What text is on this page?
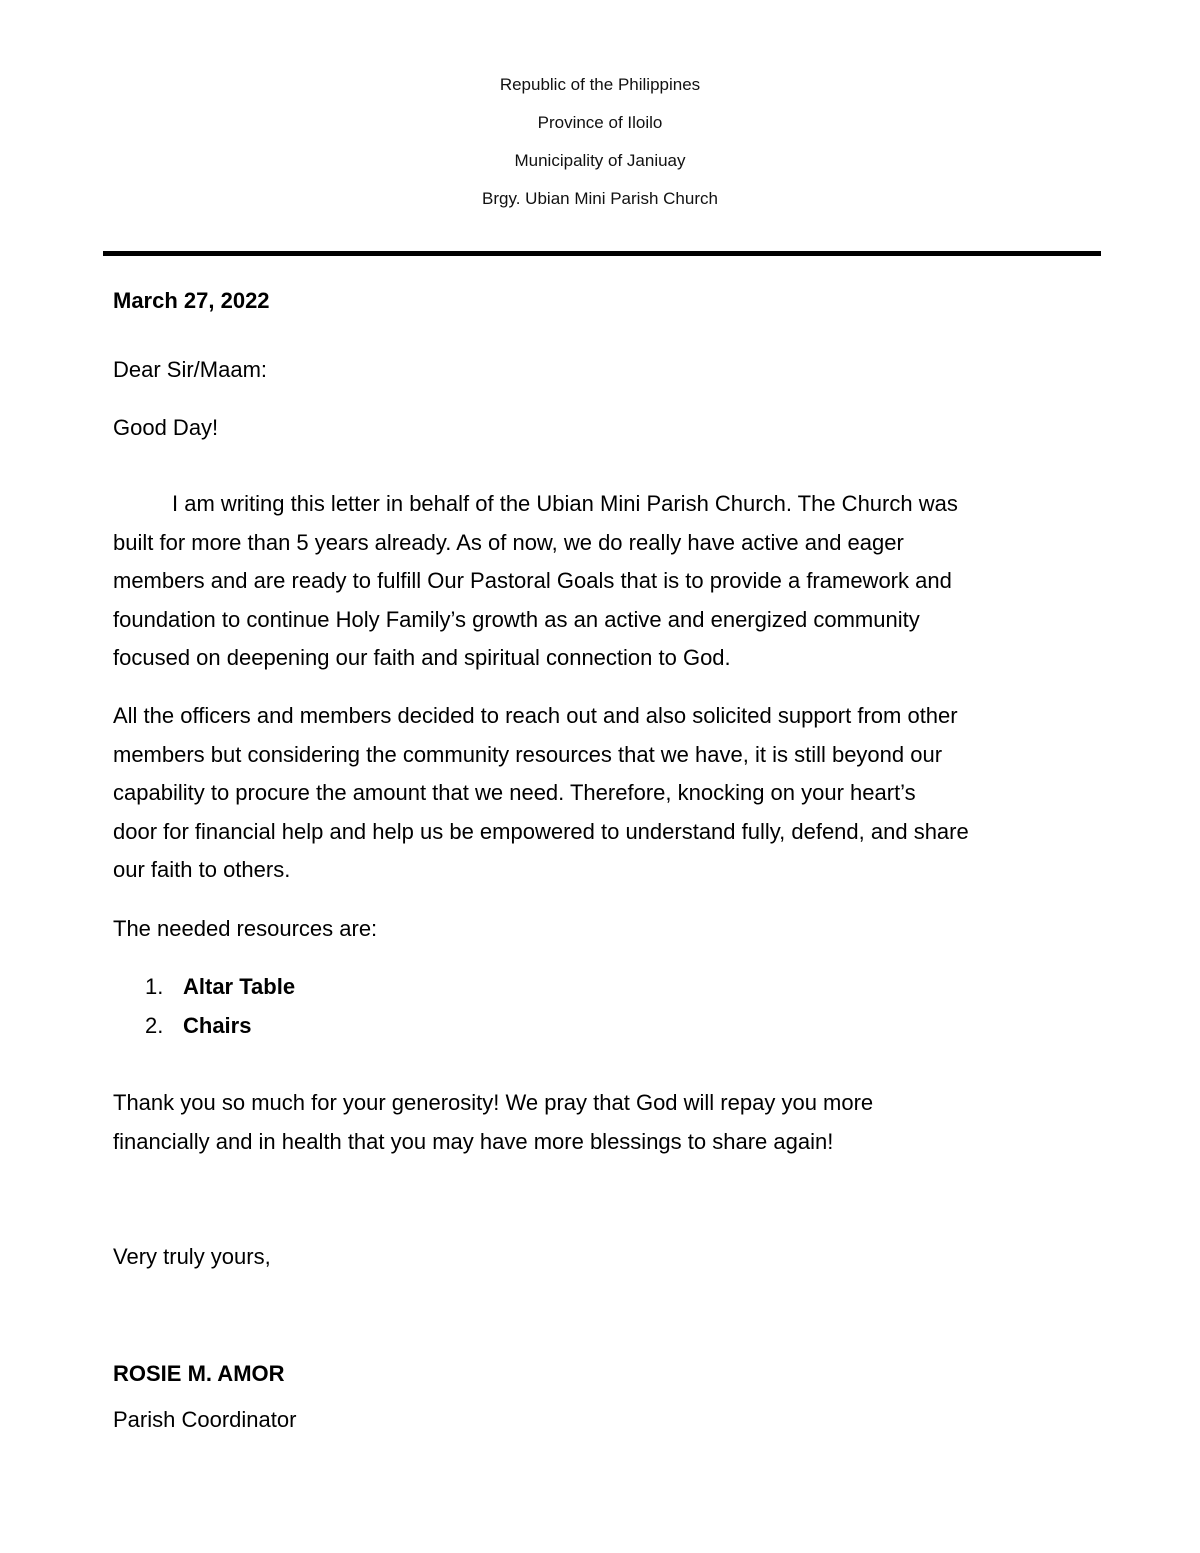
Republic of the Philippines
Province of Iloilo
Municipality of Janiuay
Brgy. Ubian Mini Parish Church
March 27, 2022
Dear Sir/Maam:
Good Day!
I am writing this letter in behalf of the Ubian Mini Parish Church. The Church was
built for more than 5 years already. As of now, we do really have active and eager
members and are ready to fulfill Our Pastoral Goals that is to provide a framework and
foundation to continue Holy Family’s growth as an active and energized community
focused on deepening our faith and spiritual connection to God.
All the officers and members decided to reach out and also solicited support from other
members but considering the community resources that we have, it is still beyond our
capability to procure the amount that we need. Therefore, knocking on your heart’s
door for financial help and help us be empowered to understand fully, defend, and share
our faith to others.
The needed resources are:
1. Altar Table
2. Chairs
Thank you so much for your generosity! We pray that God will repay you more
financially and in health that you may have more blessings to share again!
Very truly yours,
ROSIE M. AMOR
Parish Coordinator
